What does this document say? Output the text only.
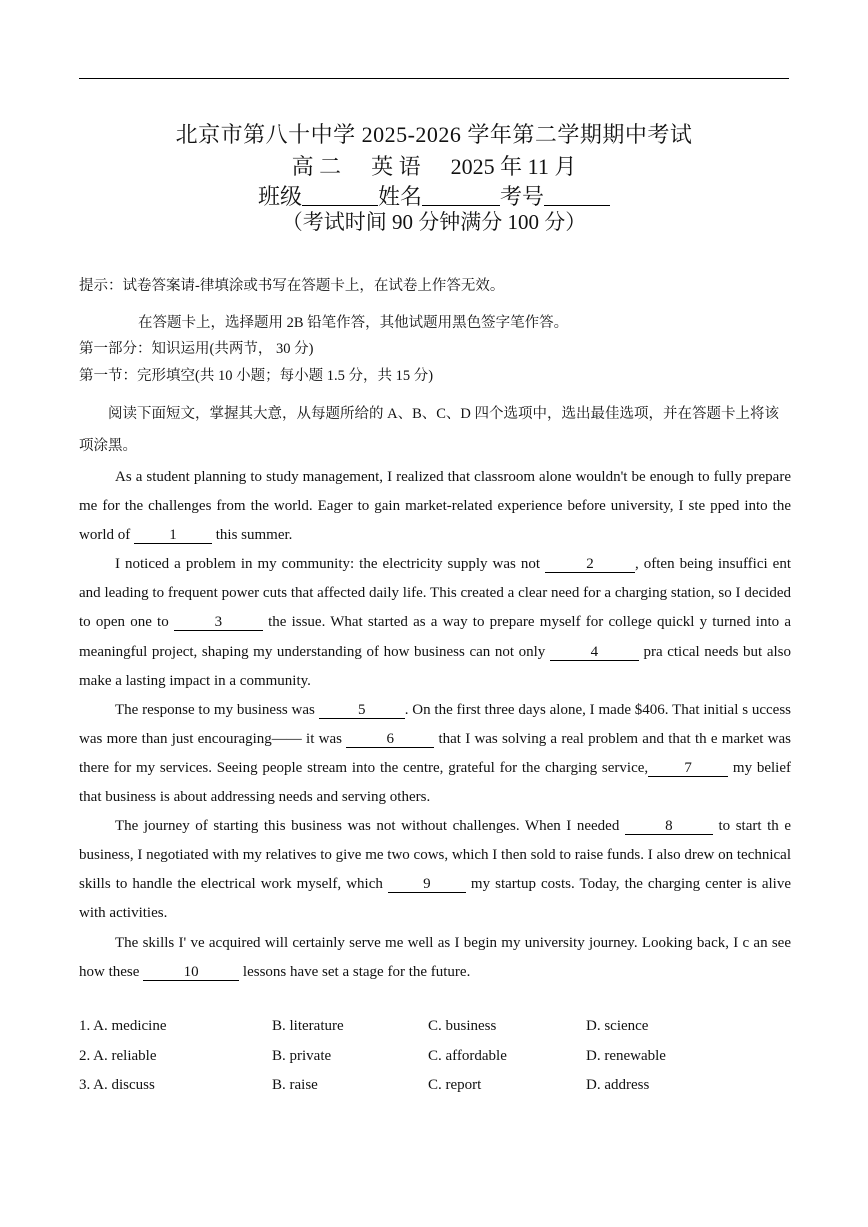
北京市第八十中学 2025-2026 学年第二学期期中考试
高 二 英 语 2025 年 11 月
班级	姓名	考号
（考试时间 90 分钟满分 100 分）
提示：试卷答案请-律填涂或书写在答题卡上，在试卷上作答无效。
在答题卡上，选择题用 2B 铅笔作答，其他试题用黑色签字笔作答。
第一部分：知识运用(共两节， 30 分)
第一节：完形填空(共 10 小题；每小题 1.5 分，共 15 分)
阅读下面短文，掌握其大意，从每题所给的 A、B、C、D 四个选项中，选出最佳选项，并在答题卡上将该项涂黑。

As a student planning to study management, I realized that classroom alone wouldn't be enough to fully prepare me for the challenges from the world. Eager to gain market-related experience before university, I ste pped into the world of 1 this summer.

I noticed a problem in my community: the electricity supply was not	2	, often being insuffici ent and leading to frequent power cuts that affected daily life. This created a clear need for a charging station, so I decided to open one to	3	the issue. What started as a way to prepare myself for college quickl y turned into a meaningful project, shaping my understanding of how business can not only	4	pra ctical needs but also make a lasting impact in a community.

The response to my business was	5	. On the first three days alone, I made $406. That initial s uccess was more than just encouraging—— it was	6	that I was solving a real problem and that th e market was there for my services. Seeing people stream into the centre, grateful for the charging service, 7 my belief that business is about addressing needs and serving others.

The journey of starting this business was not without challenges. When I needed	8	to start th e business, I negotiated with my relatives to give me two cows, which I then sold to raise funds. I also drew on technical skills to handle the electrical work myself, which 9 my startup costs. Today, the charging center is alive with activities.

The skills I' ve acquired will certainly serve me well as I begin my university journey. Looking back, I c an see how these	10	lessons have set a stage for the future.

1. A. medicine	B. literature	C. business	D. science
2. A. reliable	B. private	C. affordable	D. renewable
3. A. discuss	B. raise	C. report	D. address
